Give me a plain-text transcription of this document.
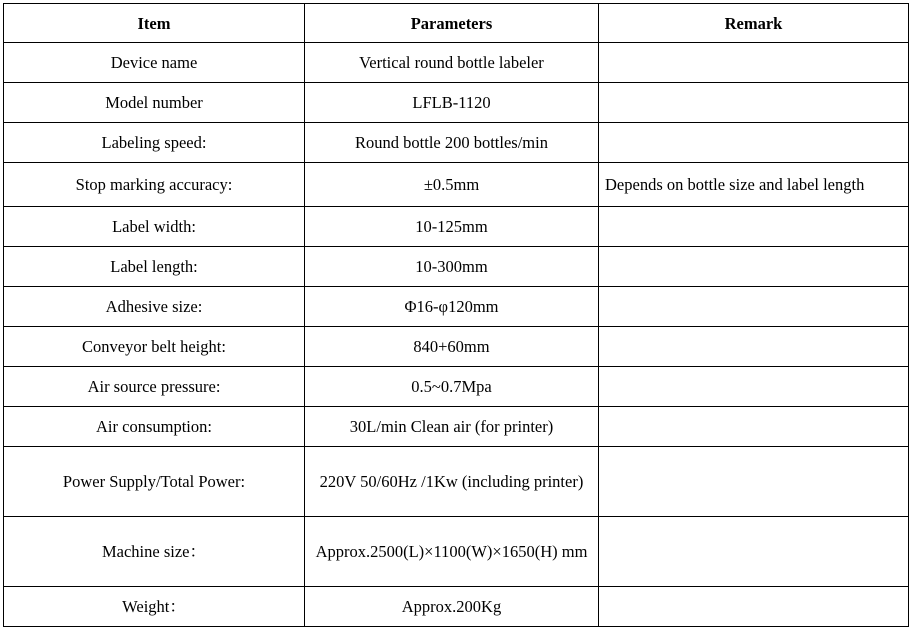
Item	Parameters	Remark
Device name	Vertical round bottle labeler	
Model number	LFLB-1120	
Labeling speed:	Round bottle 200 bottles/min	
Stop marking accuracy:	±0.5mm	Depends on bottle size and label length
Label width:	10-125mm	
Label length:	10-300mm	
Adhesive size:	Φ16-φ120mm	
Conveyor belt height:	840+60mm	
Air source pressure:	0.5~0.7Mpa	
Air consumption:	30L/min Clean air (for printer)	
Power Supply/Total Power:	220V 50/60Hz /1Kw (including printer)	
Machine size：	Approx.2500(L)×1100(W)×1650(H) mm	
Weight：	Approx.200Kg	
